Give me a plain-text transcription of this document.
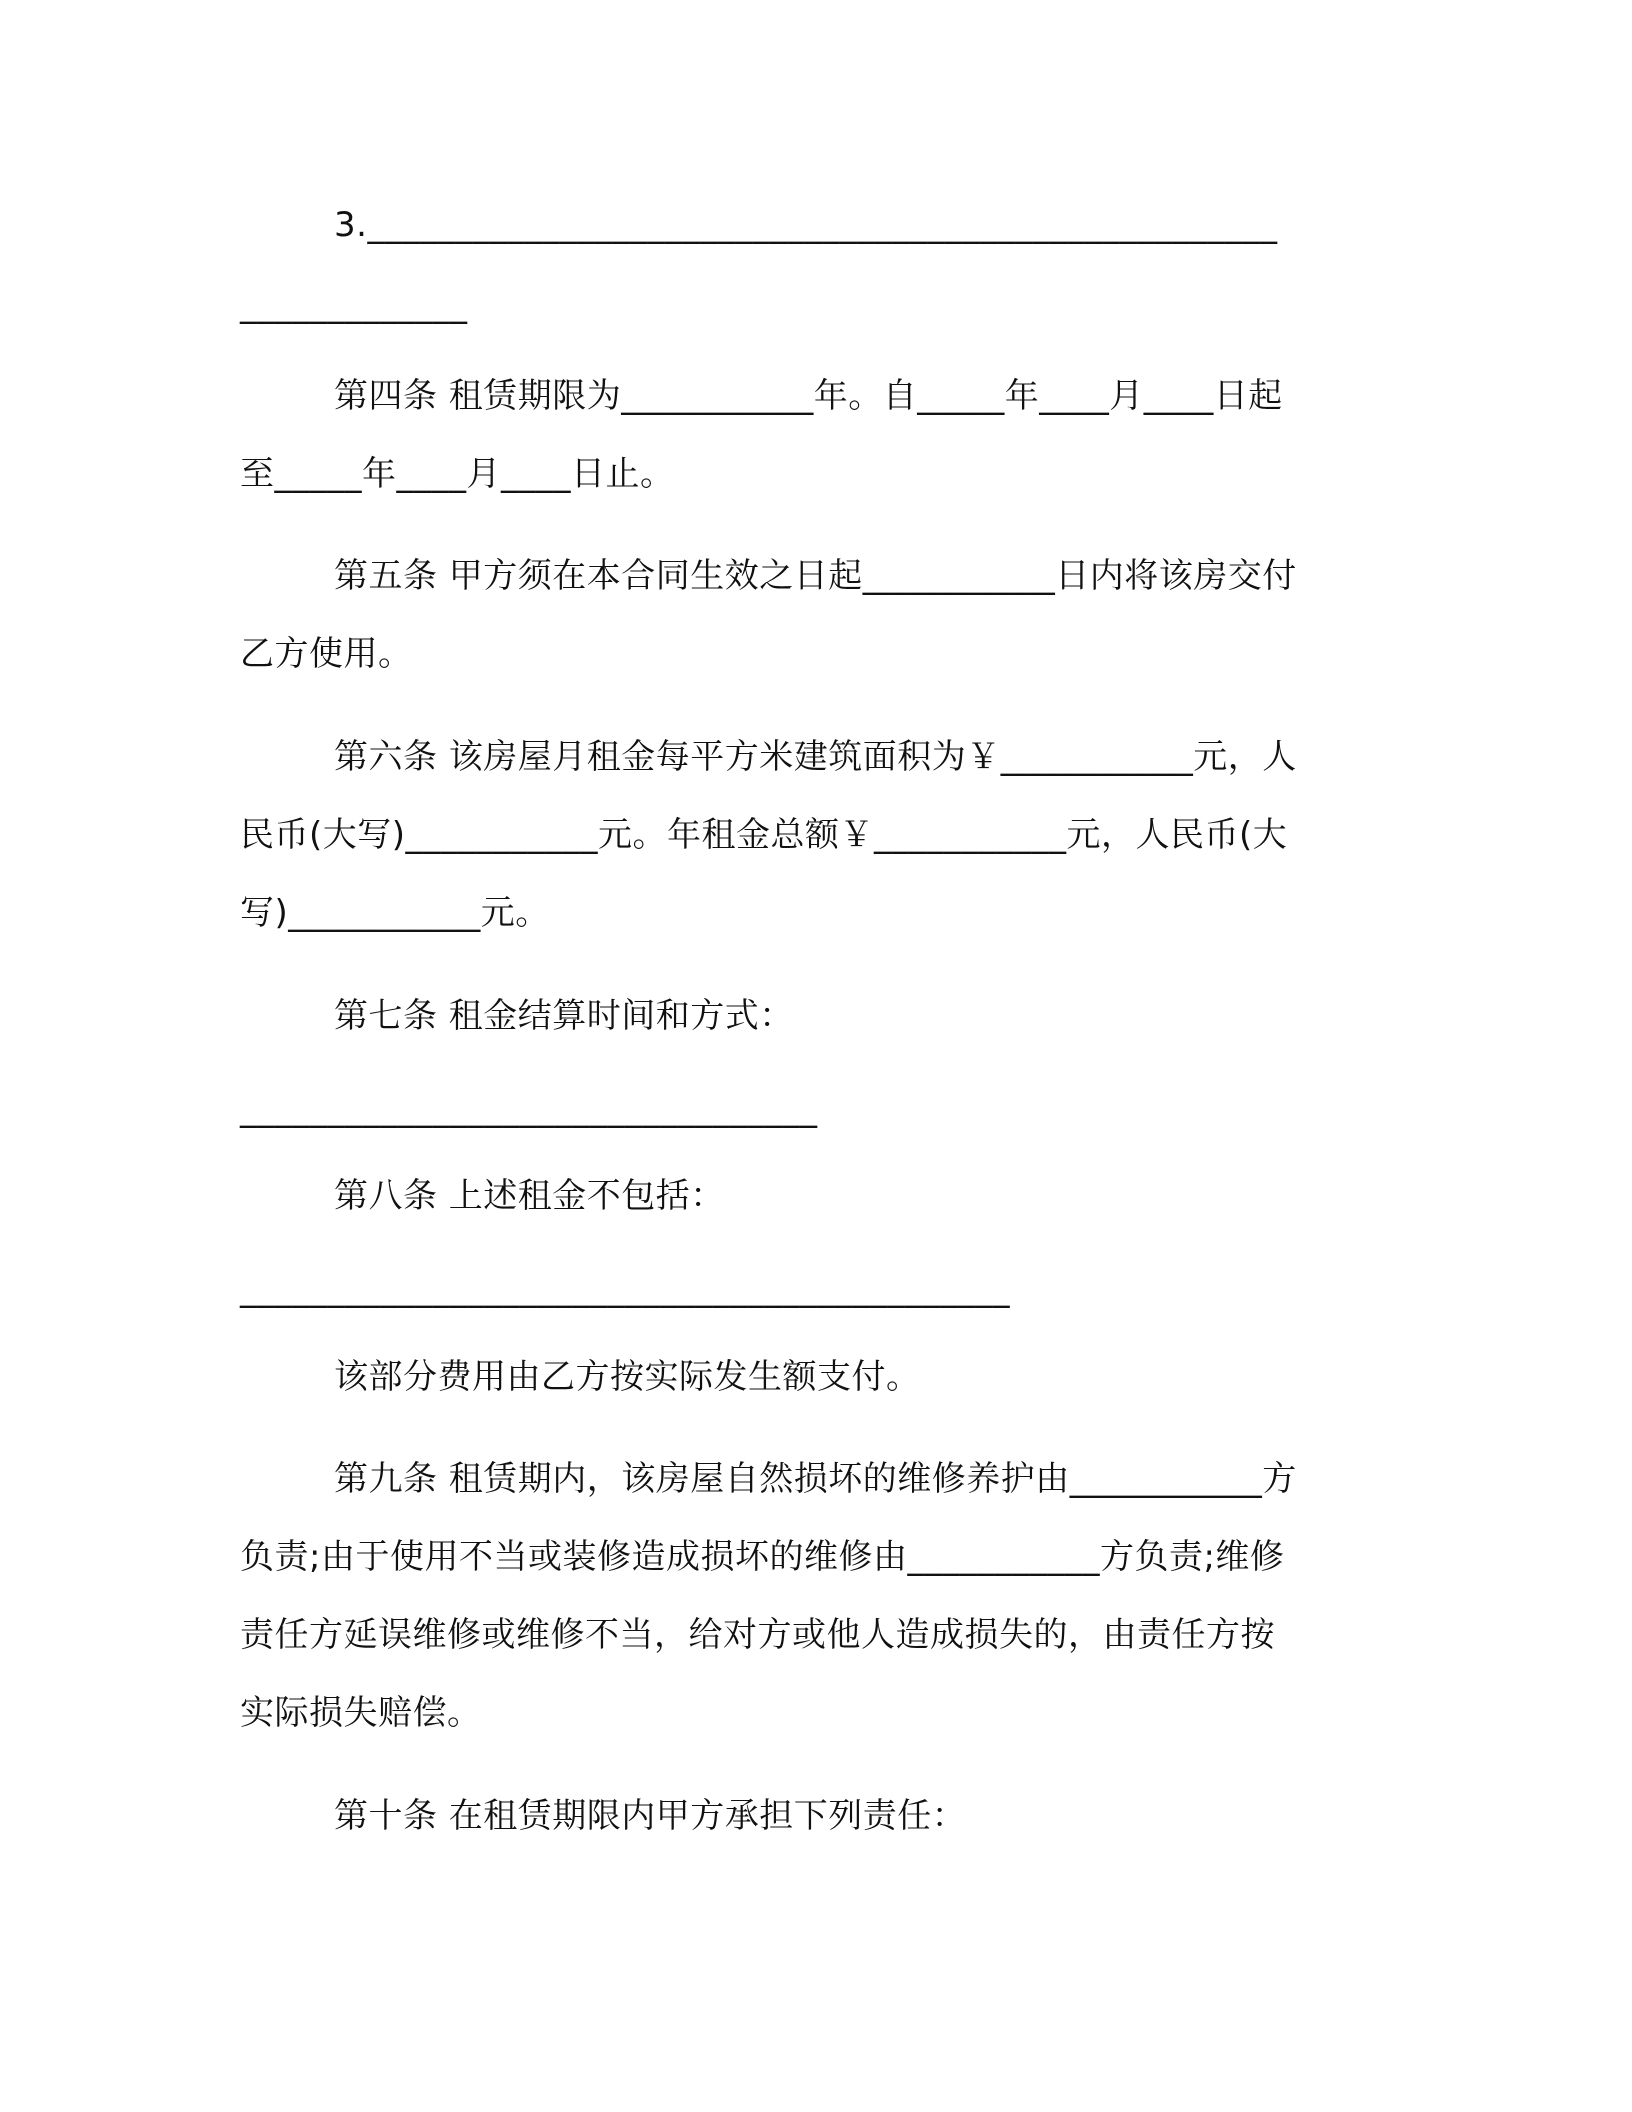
3.____________________________________________________
_____________
第四条 租赁期限为___________年。自_____年____月____日起
至_____年____月____日止。
第五条 甲方须在本合同生效之日起___________日内将该房交付
乙方使用。
第六条 该房屋月租金每平方米建筑面积为￥___________元，人
民币(大写)___________元。年租金总额￥___________元，人民币(大
写)___________元。
第七条 租金结算时间和方式：
_________________________________
第八条 上述租金不包括：
____________________________________________
该部分费用由乙方按实际发生额支付。
第九条 租赁期内，该房屋自然损坏的维修养护由___________方
负责;由于使用不当或装修造成损坏的维修由___________方负责;维修
责任方延误维修或维修不当，给对方或他人造成损失的，由责任方按
实际损失赔偿。
第十条 在租赁期限内甲方承担下列责任：
